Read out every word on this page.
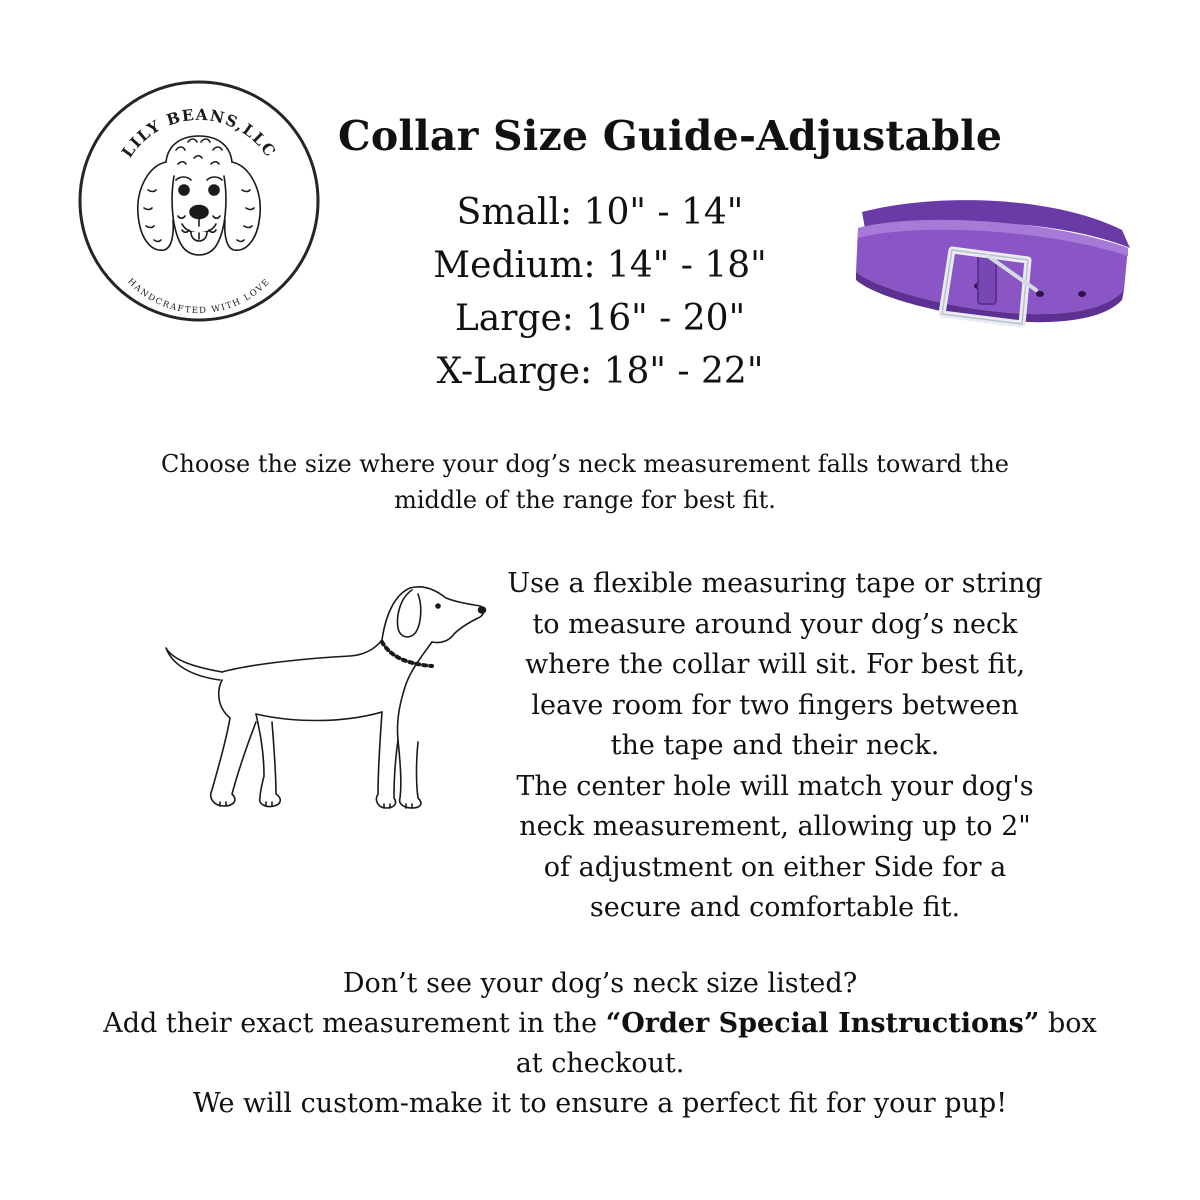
LILY BEANS,LLC
HANDCRAFTED WITH LOVE
Collar Size Guide-Adjustable
Small: 10" - 14"
Medium: 14" - 18"
Large: 16" - 20"
X-Large: 18" - 22"
Choose the size where your dog’s neck measurement falls toward the middle of the range for best fit.

Use a flexible measuring tape or string to measure around your dog’s neck where the collar will sit. For best fit, leave room for two fingers between the tape and their neck.

The center hole will match your dog's neck measurement, allowing up to 2" of adjustment on either Side for a secure and comfortable fit.

Don’t see your dog’s neck size listed?

Add their exact measurement in the “Order Special Instructions” box at checkout.

We will custom-make it to ensure a perfect fit for your pup!
